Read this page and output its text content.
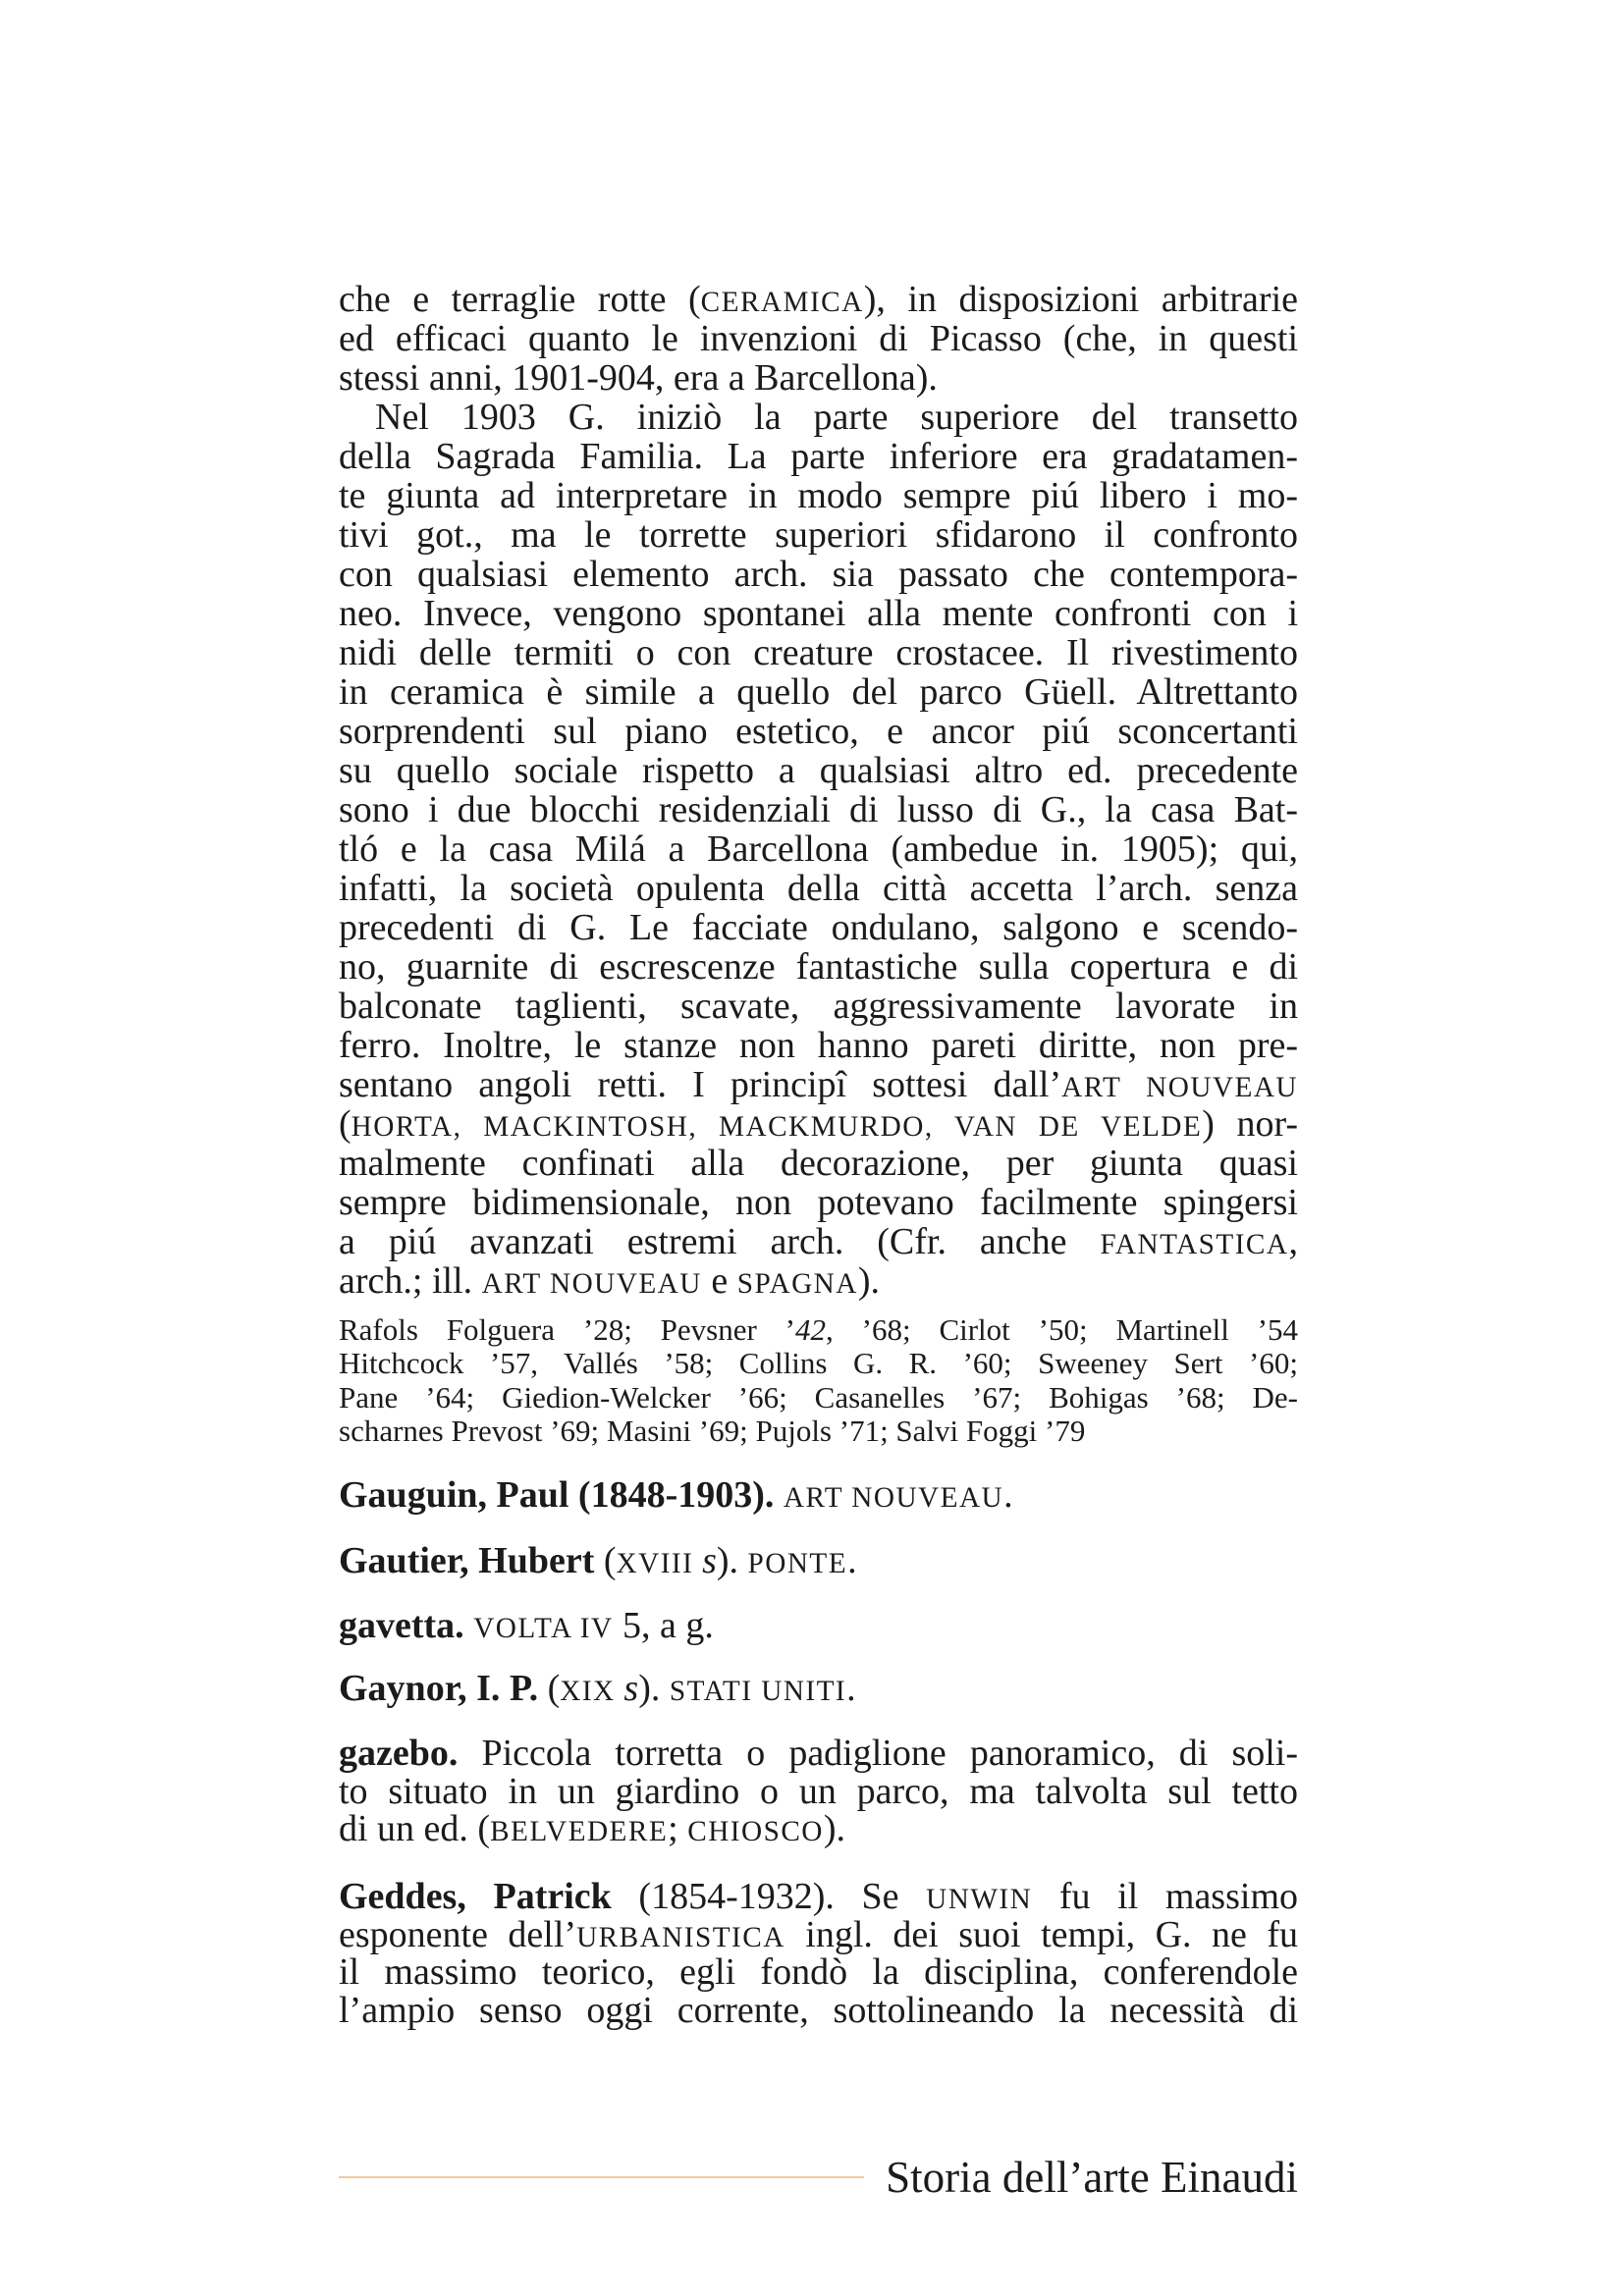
che e terraglie rotte (CERAMICA), in disposizioni arbitrarie
ed efficaci quanto le invenzioni di Picasso (che, in questi
stessi anni, 1901-904, era a Barcellona).
Nel 1903 G. iniziò la parte superiore del transetto
della Sagrada Familia. La parte inferiore era gradatamen-
te giunta ad interpretare in modo sempre piú libero i mo-
tivi got., ma le torrette superiori sfidarono il confronto
con qualsiasi elemento arch. sia passato che contempora-
neo. Invece, vengono spontanei alla mente confronti con i
nidi delle termiti o con creature crostacee. Il rivestimento
in ceramica è simile a quello del parco Güell. Altrettanto
sorprendenti sul piano estetico, e ancor piú sconcertanti
su quello sociale rispetto a qualsiasi altro ed. precedente
sono i due blocchi residenziali di lusso di G., la casa Bat-
tló e la casa Milá a Barcellona (ambedue in. 1905); qui,
infatti, la società opulenta della città accetta l’arch. senza
precedenti di G. Le facciate ondulano, salgono e scendo-
no, guarnite di escrescenze fantastiche sulla copertura e di
balconate taglienti, scavate, aggressivamente lavorate in
ferro. Inoltre, le stanze non hanno pareti diritte, non pre-
sentano angoli retti. I principî sottesi dall’ART NOUVEAU
(HORTA, MACKINTOSH, MACKMURDO, VAN DE VELDE) nor-
malmente confinati alla decorazione, per giunta quasi
sempre bidimensionale, non potevano facilmente spingersi
a piú avanzati estremi arch. (Cfr. anche FANTASTICA,
arch.; ill. ART NOUVEAU e SPAGNA).
Rafols Folguera ’28; Pevsner ’42, ’68; Cirlot ’50; Martinell ’54
Hitchcock ’57, Vallés ’58; Collins G. R. ’60; Sweeney Sert ’60;
Pane ’64; Giedion-Welcker ’66; Casanelles ’67; Bohigas ’68; De-
scharnes Prevost ’69; Masini ’69; Pujols ’71; Salvi Foggi ’79
Gauguin, Paul (1848-1903). ART NOUVEAU.
Gautier, Hubert (XVIII s). PONTE.
gavetta. VOLTA IV 5, a g.
Gaynor, I. P. (XIX s). STATI UNITI.
gazebo. Piccola torretta o padiglione panoramico, di soli-
to situato in un giardino o un parco, ma talvolta sul tetto
di un ed. (BELVEDERE; CHIOSCO).
Geddes, Patrick (1854-1932). Se UNWIN fu il massimo
esponente dell’URBANISTICA ingl. dei suoi tempi, G. ne fu
il massimo teorico, egli fondò la disciplina, conferendole
l’ampio senso oggi corrente, sottolineando la necessità di
Storia dell’arte Einaudi
